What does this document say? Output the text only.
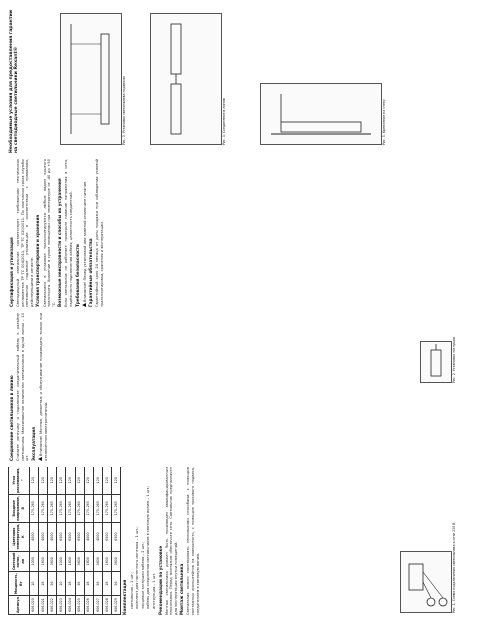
Артикул	Мощность, Вт	Световой поток, лм	Цветовая температура, К	Входное напряжение, В	Угол рассеивания, °				
606-020	10	1000	4000	175–265	120				
606-021	18	1800	4000	175–265	120				
606-022	36	3600	4000	175–265	120				
606-023	10	1000	6500	175–265	120				
606-024	18	1800	6500	175–265	120				
606-025	36	3600	6500	175–265	120				
606-026	18	1800	4000	175–265	120				
606-027	36	3600	4000	175–265	120				
606-028	18	1800	6500	175–265	120				
606-029	36	3600	6500	175–265	120				
Комплектация • светильник – 1 шт.; • комплект для настенного монтажа – 1 шт.; • торцевые заглушки кабеля – 2 шт.; • кабель для соединения светильников в световую линию – 1 шт.; • инструкция – 1 шт. Рекомендации по установке Монтаж светильника должен быть произведен квалифицированным персоналом. Перед монтажом обесточьте сеть. Светильник предназначен для эксплуатации внутри помещений. Монтаж светильника Светильник можно смонтировать несколькими способами: с помощью монтажных кронштейнов на поверхность, с помощью тросового подвеса, соединением в световую линию.	Рис. 1. Схема подключения светильника к сети 220 В
Соединение светильников в линию Снимите заглушку и подключите соединительный кабель к разъёму светильника. Максимальное количество светильников в одной линии – 10 шт. Эксплуатация Внимание! Монтаж, демонтаж и обслуживание производить только при отключенном электропитании.

Рис. 2. Установка заглушки
Сертификация и утилизация Светодиодный светильник соответствует требованиям технических регламентов ТР ТС 004/2011, ТР ТС 020/2011. По окончании срока службы светильник подлежит утилизации в соответствии с правилами, действующими в регионе. Условия транспортировки и хранения Светильники в упаковке транспортируются любым видом крытого транспорта. Хранение в сухом помещении при температуре от -40 до +50 °С. Возможные неисправности и способы их устранения Если светильник не работает: проверьте наличие напряжения в сети, надёжность подключения кабеля, целостность соединений. Требования безопасности Внимание! Перед установкой или заменой отключите питание. Гарантийные обязательства Гарантийный срок 24 месяца от даты продажи при соблюдении условий транспортировки, хранения и эксплуатации.

Необходимые условия для предоставления гарантии на светодиодные светильники Rexant®	Рис. 3. Установка светильника подвесом	Рис. 4. Соединение в линию	Рис. 5. Крепление на стену
